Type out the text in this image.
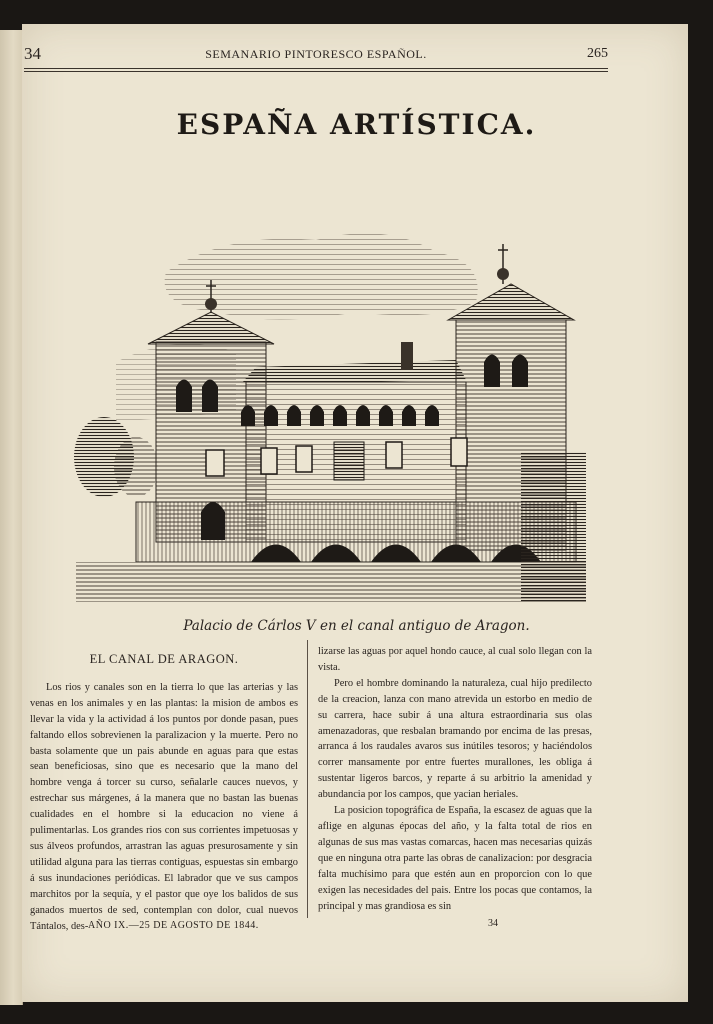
34	SEMANARIO PINTORESCO ESPAÑOL.	265
ESPAÑA ARTÍSTICA.
Palacio de Cárlos V en el canal antiguo de Aragon.

EL CANAL DE ARAGON.

Los rios y canales son en la tierra lo que las arterias y las venas en los animales y en las plantas: la mision de ambos es llevar la vida y la actividad á los puntos por donde pasan, pues faltando ellos sobrevienen la paralizacion y la muerte. Pero no basta solamente que un pais abunde en aguas para que estas sean beneficiosas, sino que es necesario que la mano del hombre venga á torcer su curso, señalarle cauces nuevos, y estrechar sus márgenes, á la manera que no bastan las buenas cualidades en el hombre si la educacion no viene á pulimentarlas. Los grandes rios con sus corrientes impetuosas y sus álveos profundos, arrastran las aguas presurosamente y sin utilidad alguna para las tierras contiguas, espuestas sin embargo á sus inundaciones periódicas. El labrador que ve sus campos marchitos por la sequía, y el pastor que oye los balidos de sus ganados muertos de sed, contemplan con dolor, cual nuevos Tántalos, des-

lizarse las aguas por aquel hondo cauce, al cual solo llegan con la vista.

Pero el hombre dominando la naturaleza, cual hijo predilecto de la creacion, lanza con mano atrevida un estorbo en medio de su carrera, hace subir á una altura estraordinaria sus olas amenazadoras, que resbalan bramando por encima de las presas, arranca á los raudales avaros sus inútiles tesoros; y haciéndolos correr mansamente por entre fuertes murallones, les obliga á sustentar ligeros barcos, y reparte á su arbitrio la amenidad y abundancia por los campos, que yacian heriales.

La posicion topográfica de España, la escasez de aguas que la aflige en algunas épocas del año, y la falta total de rios en algunas de sus mas vastas comarcas, hacen mas necesarias quizás que en ninguna otra parte las obras de canalizacion: por desgracia falta muchísimo para que estén aun en proporcion con lo que exigen las necesidades del pais. Entre los pocas que contamos, la principal y mas grandiosa es sin

AÑO IX.—25 DE AGOSTO DE 1844.	34
